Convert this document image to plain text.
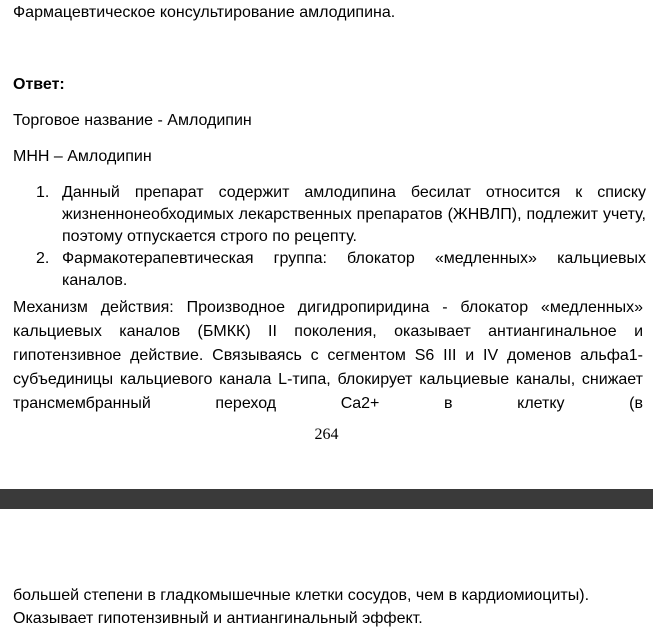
Фармацевтическое консультирование амлодипина.
Ответ:
Торговое название - Амлодипин
МНН – Амлодипин
1. Данный препарат содержит амлодипина бесилат относится к списку жизненнонеобходимых лекарственных препаратов (ЖНВЛП), подлежит учету, поэтому отпускается строго по рецепту.
2. Фармакотерапевтическая группа: блокатор «медленных» кальциевых каналов.
Механизм действия: Производное дигидропиридина - блокатор «медленных» кальциевых каналов (БМКК) II поколения, оказывает антиангинальное и гипотензивное действие. Связываясь с сегментом S6 III и IV доменов альфа1-субъединицы кальциевого канала L-типа, блокирует кальциевые каналы, снижает трансмембранный переход Ca2+ в клетку (в
264
большей степени в гладкомышечные клетки сосудов, чем в кардиомиоциты).
Оказывает гипотензивный и антиангинальный эффект.
